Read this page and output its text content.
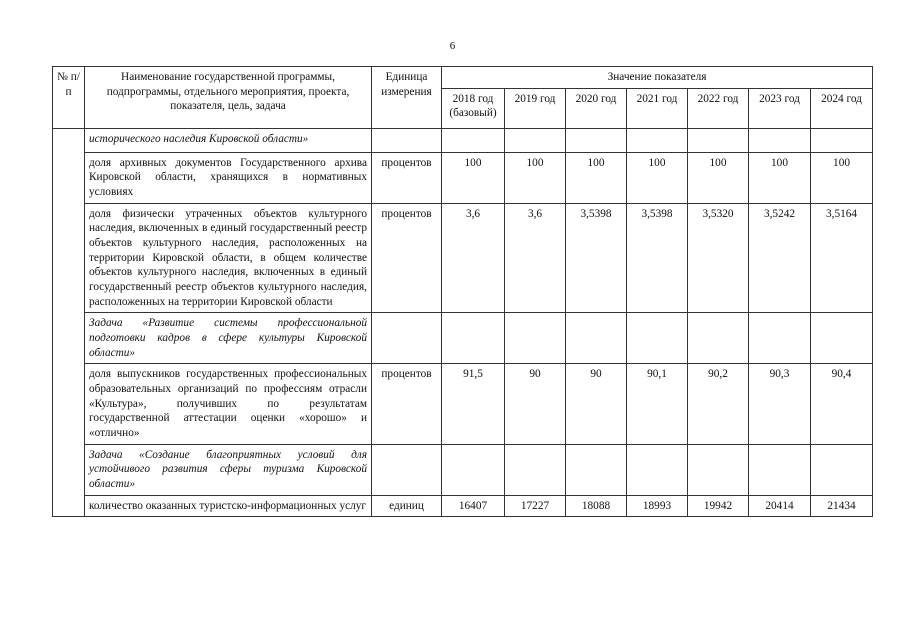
6
№ п/п	Наименование государственной программы, подпрограммы, отдельного мероприятия, проекта, показателя, цель, задача	Единица измерения	Значение показателя						
			2018 год (базовый)	2019 год	2020 год	2021 год	2022 год	2023 год	2024 год
	исторического наследия Кировской области»								
	доля архивных документов Государственного архива Кировской области, хранящихся в нормативных условиях	процентов	100	100	100	100	100	100	100
	доля физически утраченных объектов культурного наследия, включенных в единый государственный реестр объектов культурного наследия, расположенных на территории Кировской области, в общем количестве объектов культурного наследия, включенных в единый государственный реестр объектов культурного наследия, расположенных на территории Кировской области	процентов	3,6	3,6	3,5398	3,5398	3,5320	3,5242	3,5164
	Задача «Развитие системы профессиональной подготовки кадров в сфере культуры Кировской области»								
	доля выпускников государственных профессиональных образовательных организаций по профессиям отрасли «Культура», получивших по результатам государственной аттестации оценки «хорошо» и «отлично»	процентов	91,5	90	90	90,1	90,2	90,3	90,4
	Задача «Создание благоприятных условий для устойчивого развития сферы туризма Кировской области»								
	количество оказанных туристско-информационных услуг	единиц	16407	17227	18088	18993	19942	20414	21434
